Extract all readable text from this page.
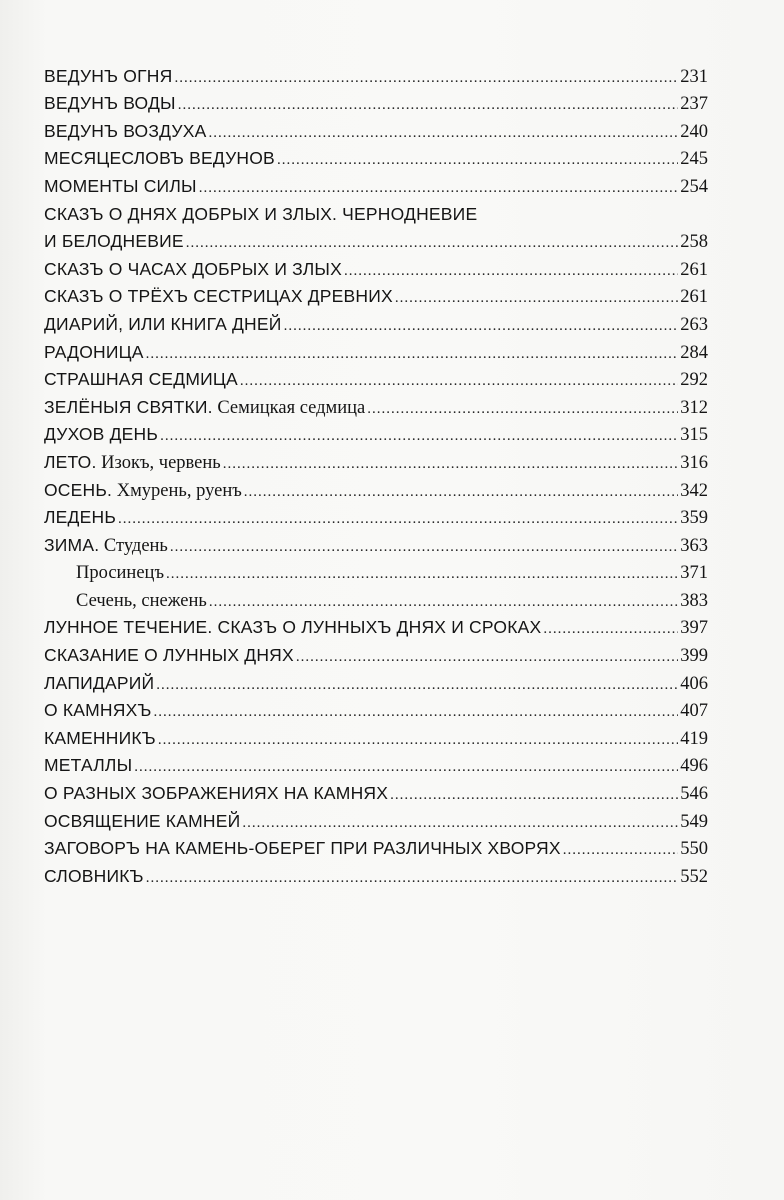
ВЕДУНЪ ОГНЯ .....	231
ВЕДУНЪ ВОДЫ .....	237
ВЕДУНЪ ВОЗДУХА .....	240
МЕСЯЦЕСЛОВЪ ВЕДУНОВ .....	245
МОМЕНТЫ СИЛЫ .....	254
СКАЗЪ О ДНЯХ ДОБРЫХ И ЗЛЫХ. ЧЕРНОДНЕВИЕ
И БЕЛОДНЕВИЕ .....	258
СКАЗЪ О ЧАСАХ ДОБРЫХ И ЗЛЫХ .....	261
СКАЗЪ О ТРЁХЪ СЕСТРИЦАХ ДРЕВНИХ .....	261
ДИАРИЙ, ИЛИ КНИГА ДНЕЙ .....	263
РАДОНИЦА .....	284
СТРАШНАЯ СЕДМИЦА .....	292
ЗЕЛЁНЫЯ СВЯТКИ. Семицкая седмица .....	312
ДУХОВ ДЕНЬ .....	315
ЛЕТО. Изокъ, червень .....	316
ОСЕНЬ. Хмурень, руенъ .....	342
ЛЕДЕНЬ .....	359
ЗИМА. Студень .....	363
Просинецъ .....	371
Сечень, снежень .....	383
ЛУННОЕ ТЕЧЕНИЕ. СКАЗЪ О ЛУННЫХЪ ДНЯХ И СРОКАХ .....	397
СКАЗАНИЕ О ЛУННЫХ ДНЯХ .....	399
ЛАПИДАРИЙ .....	406
О КАМНЯХЪ .....	407
КАМЕННИКЪ .....	419
МЕТАЛЛЫ .....	496
О РАЗНЫХ ЗОБРАЖЕНИЯХ НА КАМНЯХ .....	546
ОСВЯЩЕНИЕ КАМНЕЙ .....	549
ЗАГОВОРЪ НА КАМЕНЬ-ОБЕРЕГ ПРИ РАЗЛИЧНЫХ ХВОРЯХ .....	550
СЛОВНИКЪ .....	552
